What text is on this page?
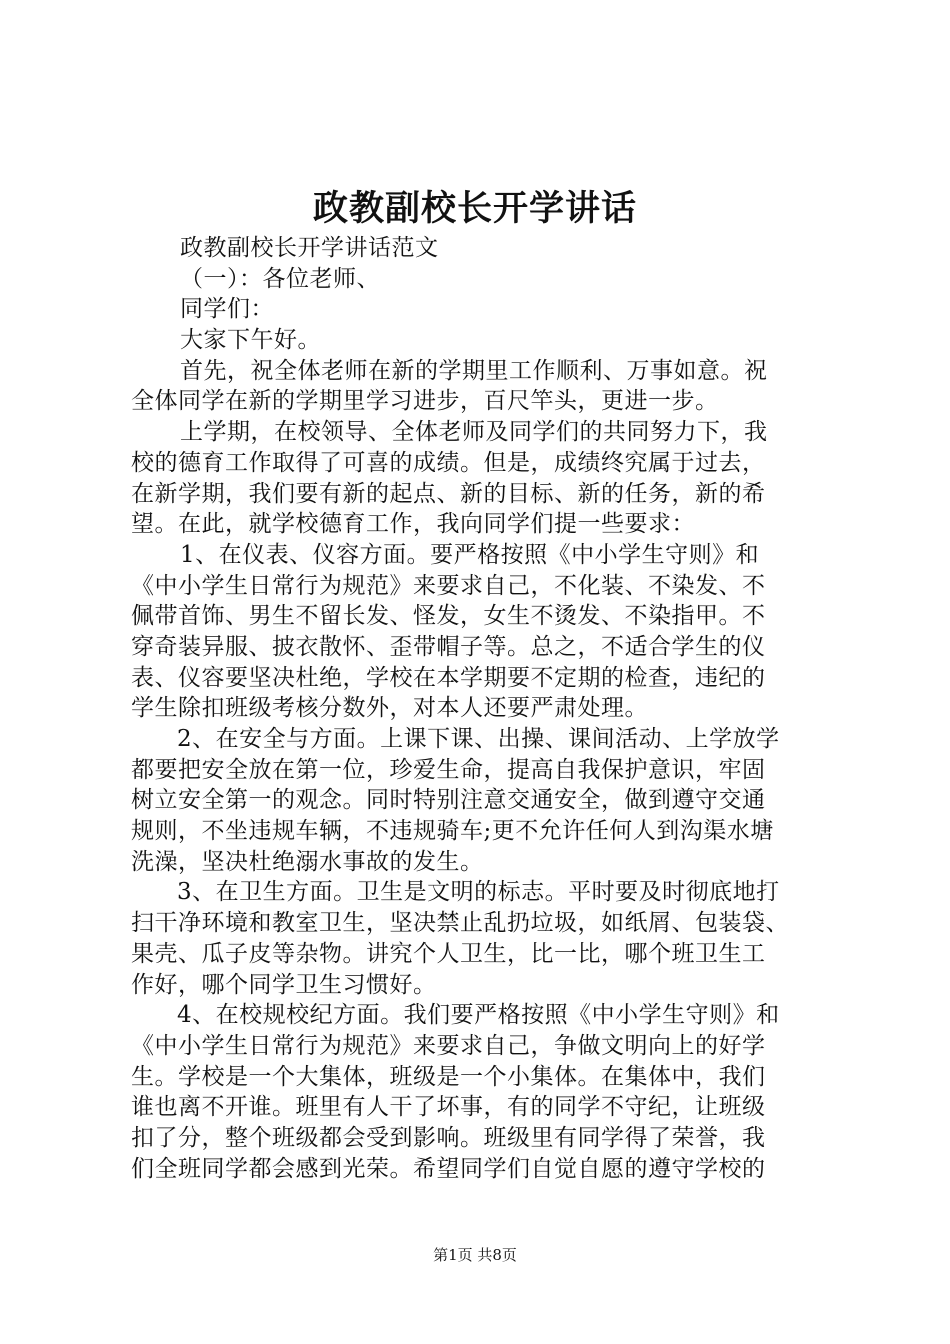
政教副校长开学讲话
政教副校长开学讲话范文
（一）：各位老师、
同学们：
大家下午好。
首先，祝全体老师在新的学期里工作顺利、万事如意。祝
全体同学在新的学期里学习进步，百尺竿头，更进一步。
上学期，在校领导、全体老师及同学们的共同努力下，我
校的德育工作取得了可喜的成绩。但是，成绩终究属于过去，
在新学期，我们要有新的起点、新的目标、新的任务，新的希
望。在此，就学校德育工作，我向同学们提一些要求：
1、在仪表、仪容方面。要严格按照《中小学生守则》和
《中小学生日常行为规范》来要求自己，不化装、不染发、不
佩带首饰、男生不留长发、怪发，女生不烫发、不染指甲。不
穿奇装异服、披衣散怀、歪带帽子等。总之，不适合学生的仪
表、仪容要坚决杜绝，学校在本学期要不定期的检查，违纪的
学生除扣班级考核分数外，对本人还要严肃处理。
2、在安全与方面。上课下课、出操、课间活动、上学放学
都要把安全放在第一位，珍爱生命，提高自我保护意识，牢固
树立安全第一的观念。同时特别注意交通安全，做到遵守交通
规则，不坐违规车辆，不违规骑车;更不允许任何人到沟渠水塘
洗澡，坚决杜绝溺水事故的发生。
3、在卫生方面。卫生是文明的标志。平时要及时彻底地打
扫干净环境和教室卫生，坚决禁止乱扔垃圾，如纸屑、包装袋、
果壳、瓜子皮等杂物。讲究个人卫生，比一比，哪个班卫生工
作好，哪个同学卫生习惯好。
4、在校规校纪方面。我们要严格按照《中小学生守则》和
《中小学生日常行为规范》来要求自己，争做文明向上的好学
生。学校是一个大集体，班级是一个小集体。在集体中，我们
谁也离不开谁。班里有人干了坏事，有的同学不守纪，让班级
扣了分，整个班级都会受到影响。班级里有同学得了荣誉，我
们全班同学都会感到光荣。希望同学们自觉自愿的遵守学校的
第1页 共8页
